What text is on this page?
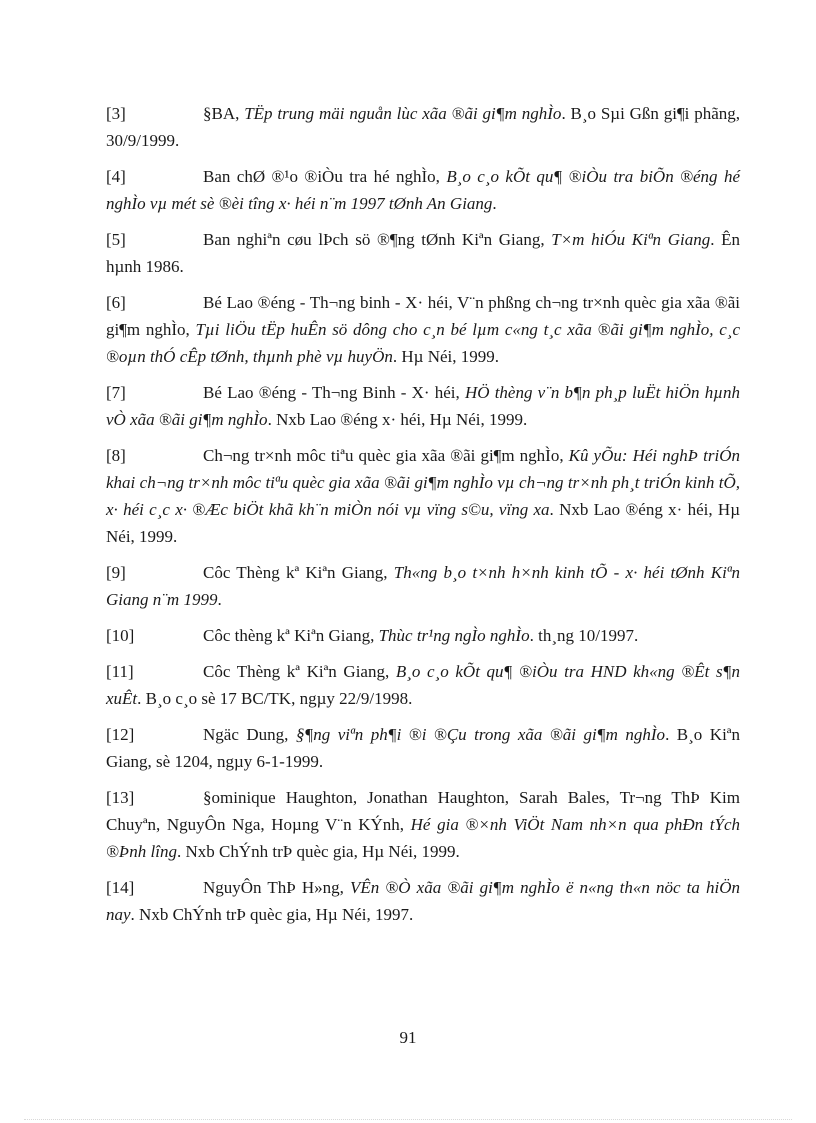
[3]	§BA, TËp trung mäi nguån lùc xãa ®ãi gi¶m nghÌo. B¸o Sµi Gßn gi¶i phãng, 30/9/1999.
[4]	Ban chØ ®¹o ®iÒu tra hé nghÌo, B¸o c¸o kÕt qu¶ ®iÒu tra biÕn ®éng hé nghÌo vµ mét sè ®èi tîng x· héi n¨m 1997 tØnh An Giang.
[5]	Ban nghiªn cøu lÞch sö ®¶ng tØnh Kiªn Giang, T×m hiÓu Kiªn Giang. Ên hµnh 1986.
[6]	Bé Lao ®éng - Th¬ng binh - X· héi, V¨n phßng ch¬ng tr×nh quèc gia xãa ®ãi gi¶m nghÌo, Tµi liÖu tËp huÊn sö dông cho c¸n bé lµm c«ng t¸c xãa ®ãi gi¶m nghÌo, c¸c ®oµn thÓ cÊp tØnh, thµnh phè vµ huyÖn. Hµ Néi, 1999.
[7]	Bé Lao ®éng - Th¬ng Binh - X· héi, HÖ thèng v¨n b¶n ph¸p luËt hiÖn hµnh vÒ xãa ®ãi gi¶m nghÌo. Nxb Lao ®éng x· héi, Hµ Néi, 1999.
[8]	Ch¬ng tr×nh môc tiªu quèc gia xãa ®ãi gi¶m nghÌo, Kû yÕu: Héi nghÞ triÓn khai ch¬ng tr×nh môc tiªu quèc gia xãa ®ãi gi¶m nghÌo vµ ch¬ng tr×nh ph¸t triÓn kinh tÕ, x· héi c¸c x· ®Æc biÖt khã kh¨n miÒn nói vµ vïng s©u, vïng xa. Nxb Lao ®éng x· héi, Hµ Néi, 1999.
[9]	Côc Thèng kª Kiªn Giang, Th«ng b¸o t×nh h×nh kinh tÕ - x· héi tØnh Kiªn Giang n¨m 1999.
[10]	Côc thèng kª Kiªn Giang, Thùc tr¹ng ngÌo nghÌo. th¸ng 10/1997.
[11]	Côc Thèng kª Kiªn Giang, B¸o c¸o kÕt qu¶ ®iÒu tra HND kh«ng ®Êt s¶n xuÊt. B¸o c¸o sè 17 BC/TK, ngµy 22/9/1998.
[12]	Ngäc Dung, §¶ng viªn ph¶i ®i ®Çu trong xãa ®ãi gi¶m nghÌo. B¸o Kiªn Giang, sè 1204, ngµy 6-1-1999.
[13]	§ominique Haughton, Jonathan Haughton, Sarah Bales, Tr¬ng ThÞ Kim Chuyªn, NguyÔn Nga, Hoµng V¨n KÝnh, Hé gia ®×nh ViÖt Nam nh×n qua phÐn tÝch ®Þnh lîng. Nxb ChÝnh trÞ quèc gia, Hµ Néi, 1999.
[14]	NguyÔn ThÞ H»ng, VÊn ®Ò xãa ®ãi gi¶m nghÌo ë n«ng th«n nöc ta hiÖn nay. Nxb ChÝnh trÞ quèc gia, Hµ Néi, 1997.
91
